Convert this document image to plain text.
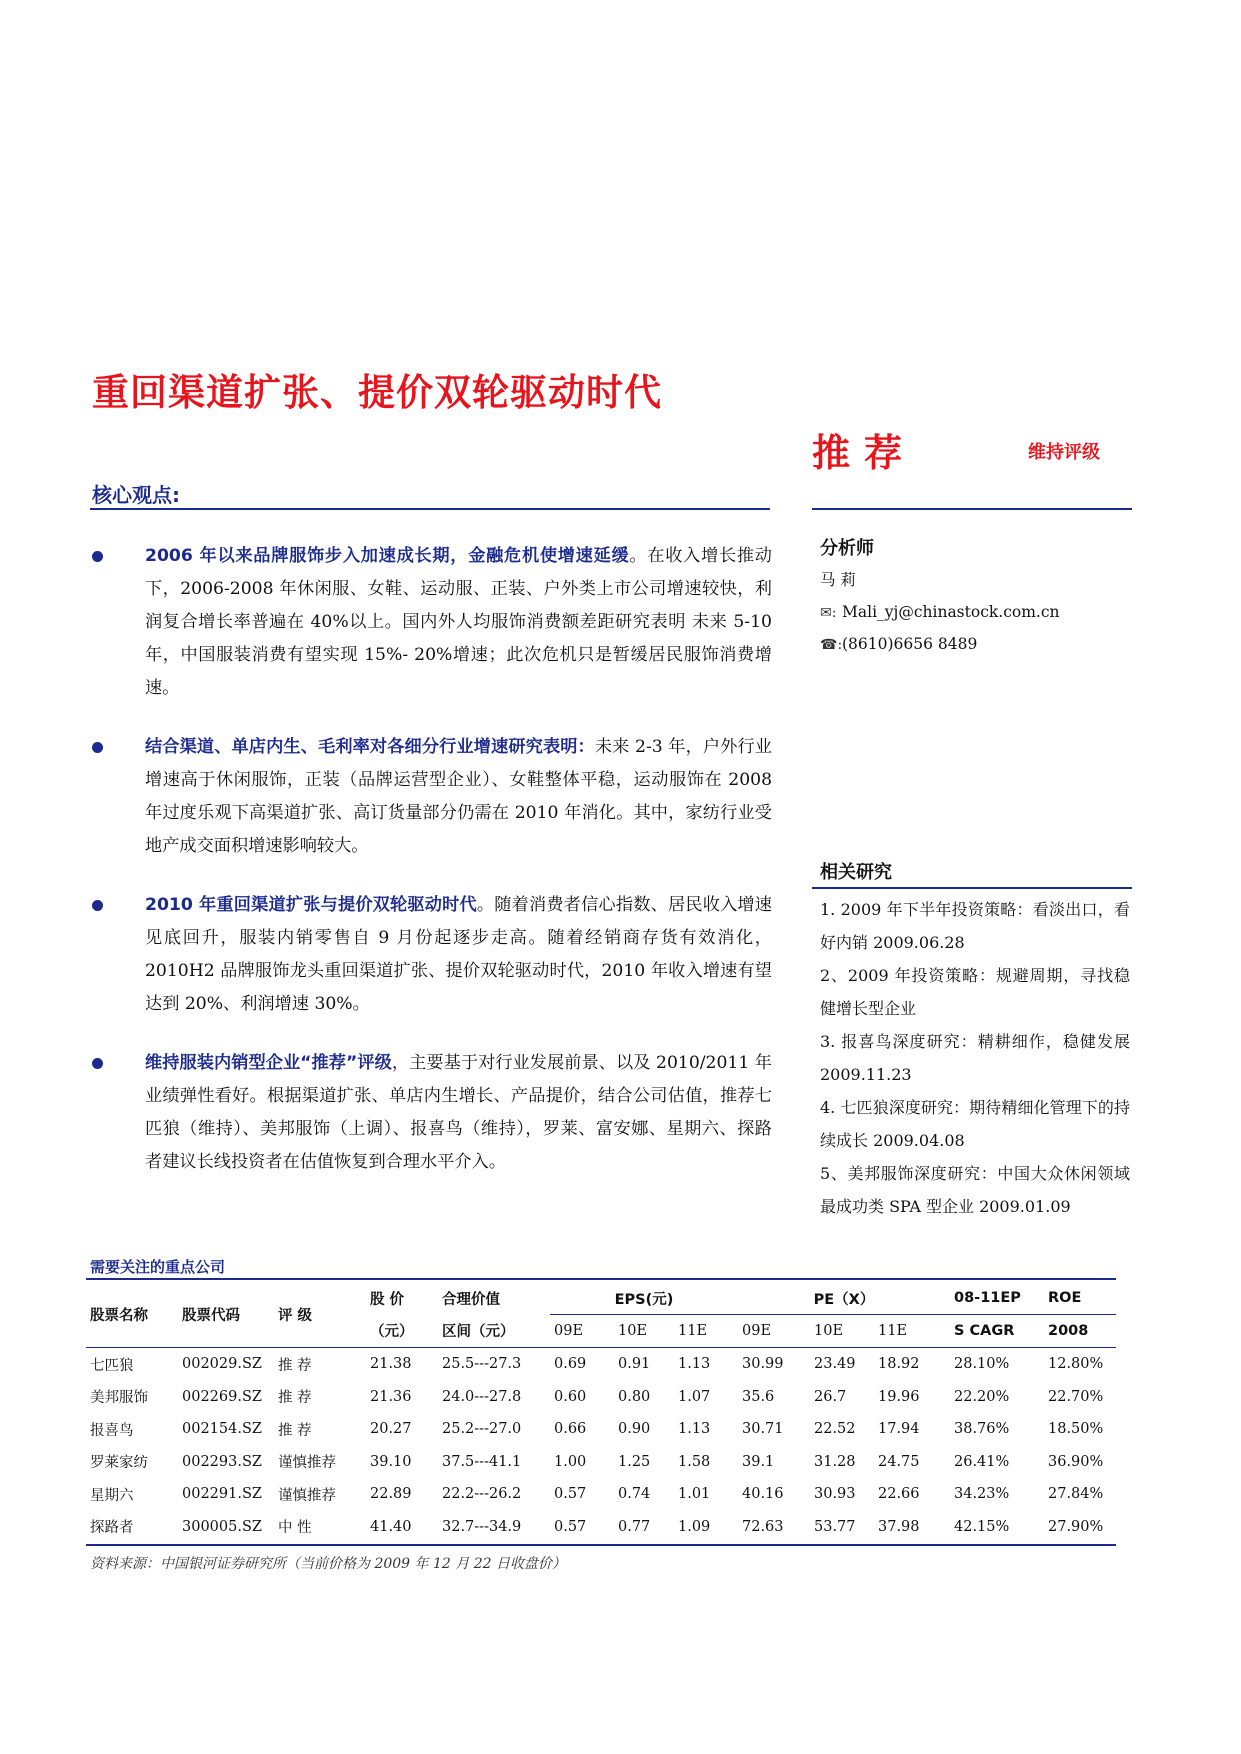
重回渠道扩张、提价双轮驱动时代
推荐	维持评级
核心观点:
2006 年以来品牌服饰步入加速成长期，金融危机使增速延缓。在收入增长推动下，2006-2008 年休闲服、女鞋、运动服、正装、户外类上市公司增速较快，利润复合增长率普遍在 40%以上。国内外人均服饰消费额差距研究表明 未来 5-10 年，中国服装消费有望实现 15%- 20%增速；此次危机只是暂缓居民服饰消费增速。
结合渠道、单店内生、毛利率对各细分行业增速研究表明：未来 2-3 年，户外行业增速高于休闲服饰，正装（品牌运营型企业）、女鞋整体平稳，运动服饰在 2008 年过度乐观下高渠道扩张、高订货量部分仍需在 2010 年消化。其中，家纺行业受地产成交面积增速影响较大。
2010 年重回渠道扩张与提价双轮驱动时代。随着消费者信心指数、居民收入增速见底回升，服装内销零售自 9 月份起逐步走高。随着经销商存货有效消化，2010H2 品牌服饰龙头重回渠道扩张、提价双轮驱动时代，2010 年收入增速有望达到 20%、利润增速 30%。
维持服装内销型企业“推荐”评级，主要基于对行业发展前景、以及 2010/2011 年业绩弹性看好。根据渠道扩张、单店内生增长、产品提价，结合公司估值，推荐七匹狼（维持）、美邦服饰（上调）、报喜鸟（维持），罗莱、富安娜、星期六、探路者建议长线投资者在估值恢复到合理水平介入。
分析师
马 莉
✉: Mali_yj@chinastock.com.cn
☎:(8610)6656 8489
相关研究
1. 2009 年下半年投资策略：看淡出口，看好内销 2009.06.28
2、2009 年投资策略：规避周期，寻找稳健增长型企业
3. 报喜鸟深度研究：精耕细作，稳健发展 2009.11.23
4. 七匹狼深度研究：期待精细化管理下的持续成长 2009.04.08
5、美邦服饰深度研究：中国大众休闲领域最成功类 SPA 型企业 2009.01.09
需要关注的重点公司
股票名称	股票代码	评 级	股 价	合理价值	EPS(元)			PE（X）			08-11EP	ROE
			（元）	区间（元）	09E	10E	11E	09E	10E	11E	S CAGR	2008
七匹狼	002029.SZ	推 荐	21.38	25.5---27.3	0.69	0.91	1.13	30.99	23.49	18.92	28.10%	12.80%
美邦服饰	002269.SZ	推 荐	21.36	24.0---27.8	0.60	0.80	1.07	35.6	26.7	19.96	22.20%	22.70%
报喜鸟	002154.SZ	推 荐	20.27	25.2---27.0	0.66	0.90	1.13	30.71	22.52	17.94	38.76%	18.50%
罗莱家纺	002293.SZ	谨慎推荐	39.10	37.5---41.1	1.00	1.25	1.58	39.1	31.28	24.75	26.41%	36.90%
星期六	002291.SZ	谨慎推荐	22.89	22.2---26.2	0.57	0.74	1.01	40.16	30.93	22.66	34.23%	27.84%
探路者	300005.SZ	中 性	41.40	32.7---34.9	0.57	0.77	1.09	72.63	53.77	37.98	42.15%	27.90%
资料来源：中国银河证券研究所（当前价格为 2009 年 12 月 22 日收盘价）
